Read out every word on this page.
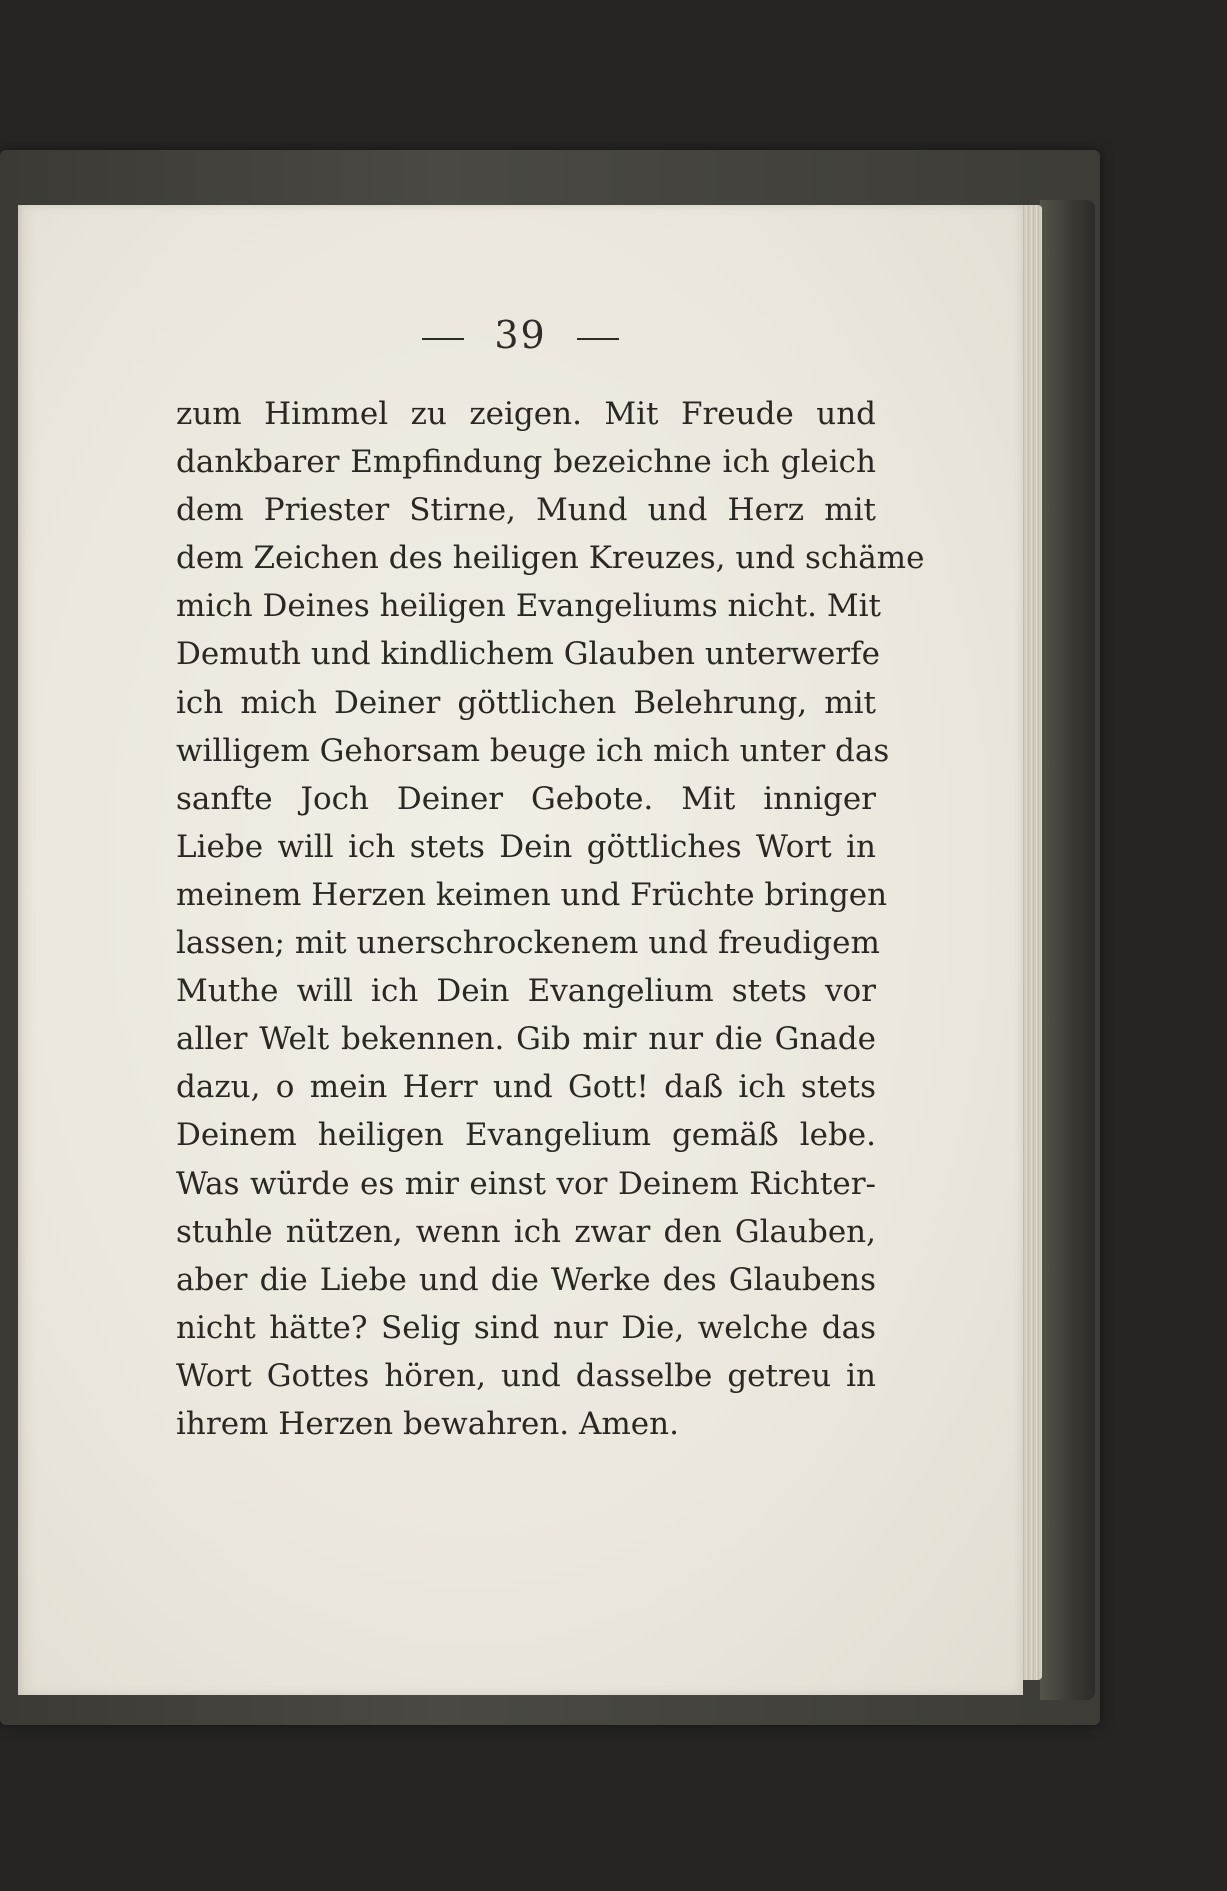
39
zum Himmel zu zeigen. Mit Freude und
dankbarer Empfindung bezeichne ich gleich
dem Priester Stirne, Mund und Herz mit
dem Zeichen des heiligen Kreuzes, und schäme
mich Deines heiligen Evangeliums nicht. Mit
Demuth und kindlichem Glauben unterwerfe
ich mich Deiner göttlichen Belehrung, mit
willigem Gehorsam beuge ich mich unter das
sanfte Joch Deiner Gebote. Mit inniger
Liebe will ich stets Dein göttliches Wort in
meinem Herzen keimen und Früchte bringen
lassen; mit unerschrockenem und freudigem
Muthe will ich Dein Evangelium stets vor
aller Welt bekennen. Gib mir nur die Gnade
dazu, o mein Herr und Gott! daß ich stets
Deinem heiligen Evangelium gemäß lebe.
Was würde es mir einst vor Deinem Richter-
stuhle nützen, wenn ich zwar den Glauben,
aber die Liebe und die Werke des Glaubens
nicht hätte? Selig sind nur Die, welche das
Wort Gottes hören, und dasselbe getreu in
ihrem Herzen bewahren. Amen.
